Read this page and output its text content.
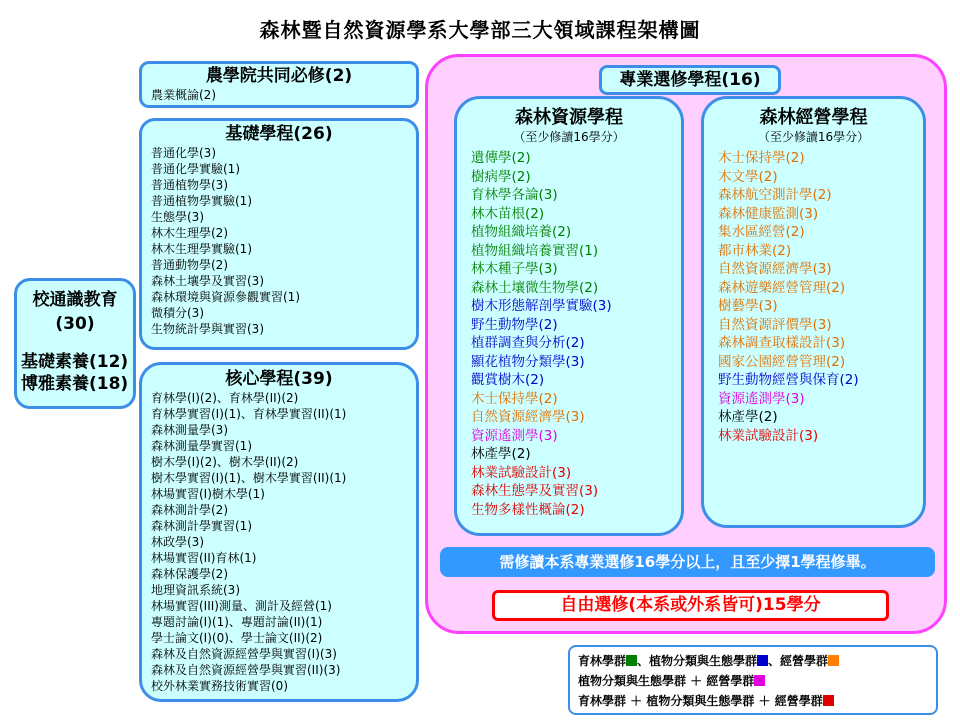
森林暨自然資源學系大學部三大領域課程架構圖
校通識教育
(30)
基礎素養(12)
博雅素養(18)
農學院共同必修(2)
農業概論(2)
基礎學程(26)
普通化學(3)
普通化學實驗(1)
普通植物學(3)
普通植物學實驗(1)
生態學(3)
林木生理學(2)
林木生理學實驗(1)
普通動物學(2)
森林土壤學及實習(3)
森林環境與資源參觀實習(1)
微積分(3)
生物統計學與實習(3)
核心學程(39)
育林學(I)(2)、育林學(II)(2)
育林學實習(I)(1)、育林學實習(II)(1)
森林測量學(3)
森林測量學實習(1)
樹木學(I)(2)、樹木學(II)(2)
樹木學實習(I)(1)、樹木學實習(II)(1)
林場實習(I)樹木學(1)
森林測計學(2)
森林測計學實習(1)
林政學(3)
林場實習(II)育林(1)
森林保護學(2)
地理資訊系統(3)
林場實習(III)測量、測計及經營(1)
專題討論(I)(1)、專題討論(II)(1)
學士論文(I)(0)、學士論文(II)(2)
森林及自然資源經營學與實習(I)(3)
森林及自然資源經營學與實習(II)(3)
校外林業實務技術實習(0)
專業選修學程(16)
森林資源學程
（至少修讀16學分）
遺傳學(2)
樹病學(2)
育林學各論(3)
林木苗根(2)
植物組織培養(2)
植物組織培養實習(1)
林木種子學(3)
森林土壤微生物學(2)
樹木形態解剖學實驗(3)
野生動物學(2)
植群調查與分析(2)
顯花植物分類學(3)
觀賞樹木(2)
木士保持學(2)
自然資源經濟學(3)
資源遙測學(3)
林產學(2)
林業試驗設計(3)
森林生態學及實習(3)
生物多樣性概論(2)
森林經營學程
（至少修讀16學分）
木士保持學(2)
木文學(2)
森林航空測計學(2)
森林健康監測(3)
集水區經營(2)
都市林業(2)
自然資源經濟學(3)
森林遊樂經營管理(2)
樹藝學(3)
自然資源評價學(3)
森林調查取樣設計(3)
國家公園經營管理(2)
野生動物經營與保育(2)
資源遙測學(3)
林產學(2)
林業試驗設計(3)
需修讀本系專業選修16學分以上，且至少擇1學程修畢。
自由選修(本系或外系皆可)15學分
育林學群 、植物分類與生態學群 、經營學群
植物分類與生態學群 ＋ 經營學群
育林學群 ＋ 植物分類與生態學群 ＋ 經營學群
